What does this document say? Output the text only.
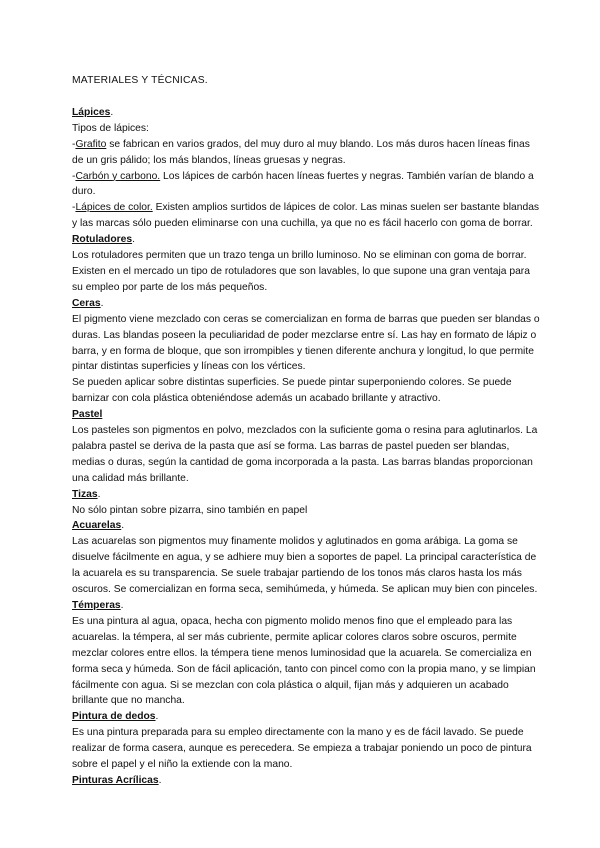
MATERIALES Y TÉCNICAS.

Lápices.

Tipos de lápices:

-Grafito se fabrican en varios grados, del muy duro al muy blando. Los más duros hacen líneas finas de un gris pálido; los más blandos, líneas gruesas y negras.

-Carbón y carbono. Los lápices de carbón hacen líneas fuertes y negras. También varían de blando a duro.

-Lápices de color. Existen amplios surtidos de lápices de color. Las minas suelen ser bastante blandas y las marcas sólo pueden eliminarse con una cuchilla, ya que no es fácil hacerlo con goma de borrar.

Rotuladores.

Los rotuladores permiten que un trazo tenga un brillo luminoso. No se eliminan con goma de borrar. Existen en el mercado un tipo de rotuladores que son lavables, lo que supone una gran ventaja para su empleo por parte de los más pequeños.

Ceras.

El pigmento viene mezclado con ceras se comercializan en forma de barras que pueden ser blandas o duras. Las blandas poseen la peculiaridad de poder mezclarse entre sí. Las hay en formato de lápiz o barra, y en forma de bloque, que son irrompibles y tienen diferente anchura y longitud, lo que permite pintar distintas superficies y líneas con los vértices.

Se pueden aplicar sobre distintas superficies. Se puede pintar superponiendo colores. Se puede barnizar con cola plástica obteniéndose además un acabado brillante y atractivo.

Pastel

Los pasteles son pigmentos en polvo, mezclados con la suficiente goma o resina para aglutinarlos. La palabra pastel se deriva de la pasta que así se forma. Las barras de pastel pueden ser blandas, medias o duras, según la cantidad de goma incorporada a la pasta. Las barras blandas proporcionan una calidad más brillante.

Tizas.

No sólo pintan sobre pizarra, sino también en papel

Acuarelas.

Las acuarelas son pigmentos muy finamente molidos y aglutinados en goma arábiga. La goma se disuelve fácilmente en agua, y se adhiere muy bien a soportes de papel. La principal característica de la acuarela es su transparencia. Se suele trabajar partiendo de los tonos más claros hasta los más oscuros. Se comercializan en forma seca, semihúmeda, y húmeda. Se aplican muy bien con pinceles.

Témperas.

Es una pintura al agua, opaca, hecha con pigmento molido menos fino que el empleado para las acuarelas. la témpera, al ser más cubriente, permite aplicar colores claros sobre oscuros, permite mezclar colores entre ellos. la témpera tiene menos luminosidad que la acuarela. Se comercializa en forma seca y húmeda. Son de fácil aplicación, tanto con pincel como con la propia mano, y se limpian fácilmente con agua. Si se mezclan con cola plástica o alquil, fijan más y adquieren un acabado brillante que no mancha.

Pintura de dedos.

Es una pintura preparada para su empleo directamente con la mano y es de fácil lavado. Se puede realizar de forma casera, aunque es perecedera. Se empieza a trabajar poniendo un poco de pintura sobre el papel y el niño la extiende con la mano.

Pinturas Acrílicas.
